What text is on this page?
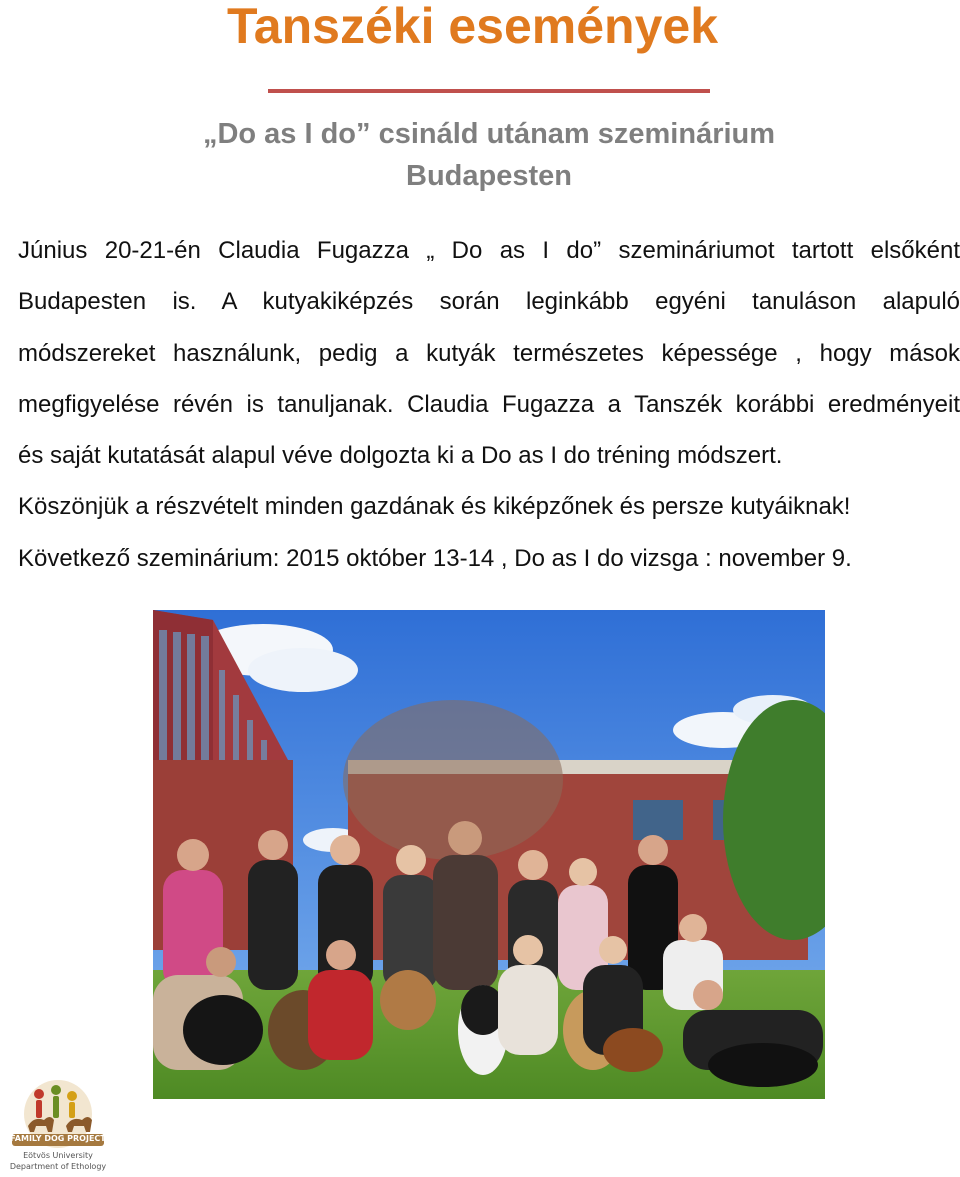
Tanszéki események
„Do as I do” csináld utánam szeminárium
Budapesten

Június 20-21-én Claudia Fugazza „ Do as I do” szemináriumot tartott elsőként

Budapesten is. A kutyakiképzés során leginkább egyéni tanuláson alapuló

módszereket használunk, pedig a kutyák természetes képessége , hogy mások

megfigyelése révén is tanuljanak. Claudia Fugazza a Tanszék korábbi eredményeit

és saját kutatását alapul véve dolgozta ki a Do as I do tréning módszert.

Köszönjük a részvételt minden gazdának és kiképzőnek és persze kutyáiknak!

Következő szeminárium: 2015 október 13-14 , Do as I do vizsga : november 9.

FAMILY DOG PROJECT
Eötvös University
Department of Ethology
